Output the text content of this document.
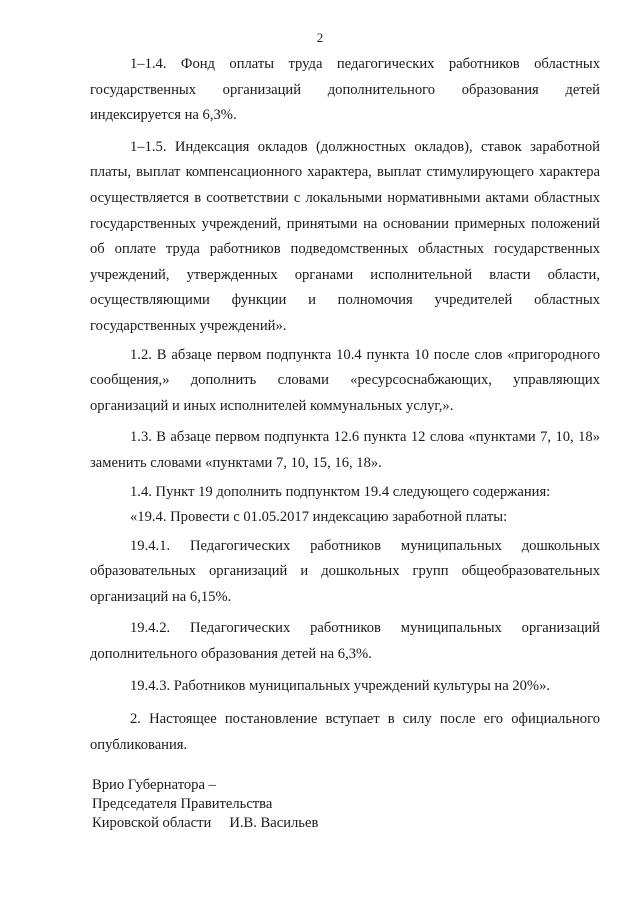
2

1–1.4. Фонд оплаты труда педагогических работников областных государственных организаций дополнительного образования детей индексируется на 6,3%.

1–1.5. Индексация окладов (должностных окладов), ставок заработной платы, выплат компенсационного характера, выплат стимулирующего характера осуществляется в соответствии с локальными нормативными актами областных государственных учреждений, принятыми на основании примерных положений об оплате труда работников подведомственных областных государственных учреждений, утвержденных органами исполнительной власти области, осуществляющими функции и полномочия учредителей областных государственных учреждений».

1.2. В абзаце первом подпункта 10.4 пункта 10 после слов «пригородного сообщения,» дополнить словами «ресурсоснабжающих, управляющих организаций и иных исполнителей коммунальных услуг,».

1.3. В абзаце первом подпункта 12.6 пункта 12 слова «пунктами 7, 10, 18» заменить словами «пунктами 7, 10, 15, 16, 18».

1.4. Пункт 19 дополнить подпунктом 19.4 следующего содержания:

«19.4. Провести с 01.05.2017 индексацию заработной платы:

19.4.1. Педагогических работников муниципальных дошкольных образовательных организаций и дошкольных групп общеобразовательных организаций на 6,15%.

19.4.2. Педагогических работников муниципальных организаций дополнительного образования детей на 6,3%.

19.4.3. Работников муниципальных учреждений культуры на 20%».

2. Настоящее постановление вступает в силу после его официального опубликования.

Врио Губернатора –
Председателя Правительства
Кировской области И.В. Васильев
